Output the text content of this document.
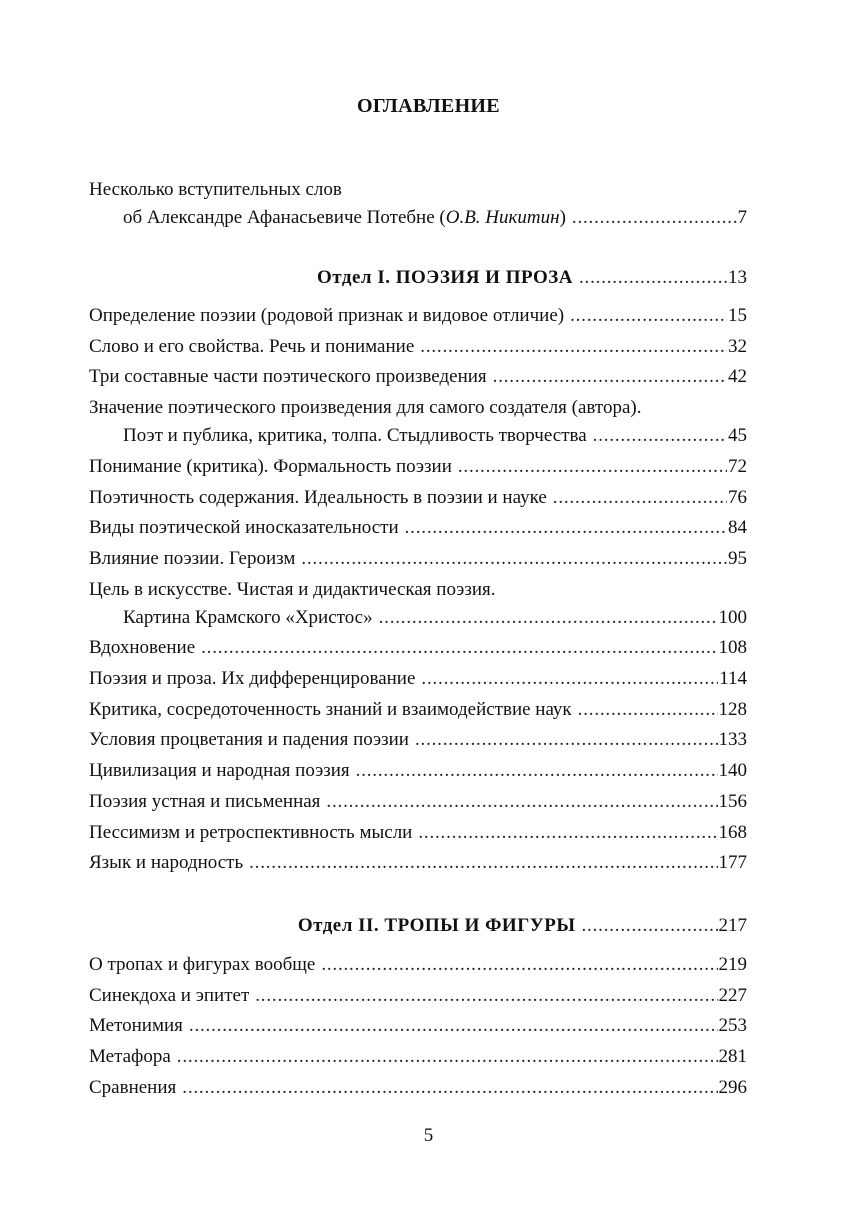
ОГЛАВЛЕНИЕ
Несколько вступительных слов
об Александре Афанасьевиче Потебне (О.В. Никитин) .....	7
Отдел I. ПОЭЗИЯ И ПРОЗА .....	13
Определение поэзии (родовой признак и видовое отличие) .....	15
Слово и его свойства. Речь и понимание .....	32
Три составные части поэтического произведения .....	42
Значение поэтического произведения для самого создателя (автора).
Поэт и публика, критика, толпа. Стыдливость творчества .....	45
Понимание (критика). Формальность поэзии .....	72
Поэтичность содержания. Идеальность в поэзии и науке .....	76
Виды поэтической иносказательности .....	84
Влияние поэзии. Героизм .....	95
Цель в искусстве. Чистая и дидактическая поэзия.
Картина Крамского «Христос» .....	100
Вдохновение .....	108
Поэзия и проза. Их дифференцирование .....	114
Критика, сосредоточенность знаний и взаимодействие наук .....	128
Условия процветания и падения поэзии .....	133
Цивилизация и народная поэзия .....	140
Поэзия устная и письменная .....	156
Пессимизм и ретроспективность мысли .....	168
Язык и народность .....	177
Отдел II. ТРОПЫ И ФИГУРЫ .....	217
О тропах и фигурах вообще .....	219
Синекдоха и эпитет .....	227
Метонимия .....	253
Метафора .....	281
Сравнения .....	296
5
